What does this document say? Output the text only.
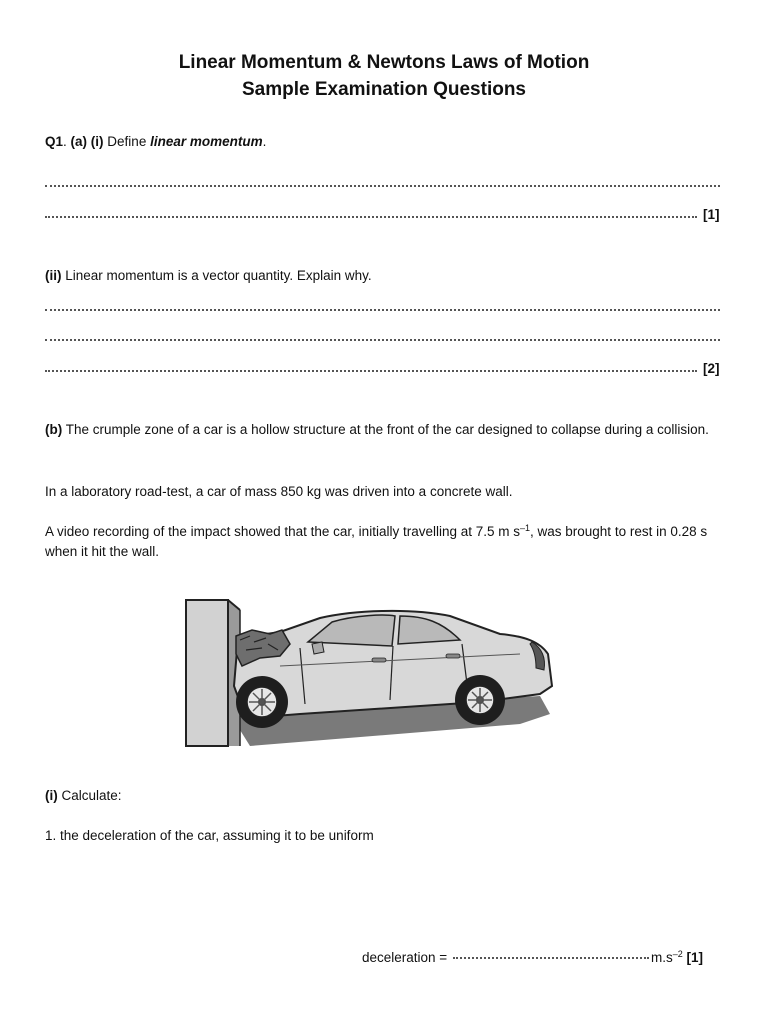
Linear Momentum & Newtons Laws of Motion
Sample Examination Questions
Q1. (a) (i) Define linear momentum.
[1]
(ii) Linear momentum is a vector quantity. Explain why.
[2]
(b) The crumple zone of a car is a hollow structure at the front of the car designed to collapse during a collision.
In a laboratory road-test, a car of mass 850 kg was driven into a concrete wall.
A video recording of the impact showed that the car, initially travelling at 7.5 m $s^{-1}$, was brought to rest in 0.28 s when it hit the wall.
(i) Calculate:
1. the deceleration of the car, assuming it to be uniform
deceleration =	$m.s^{-2}$ [1]
